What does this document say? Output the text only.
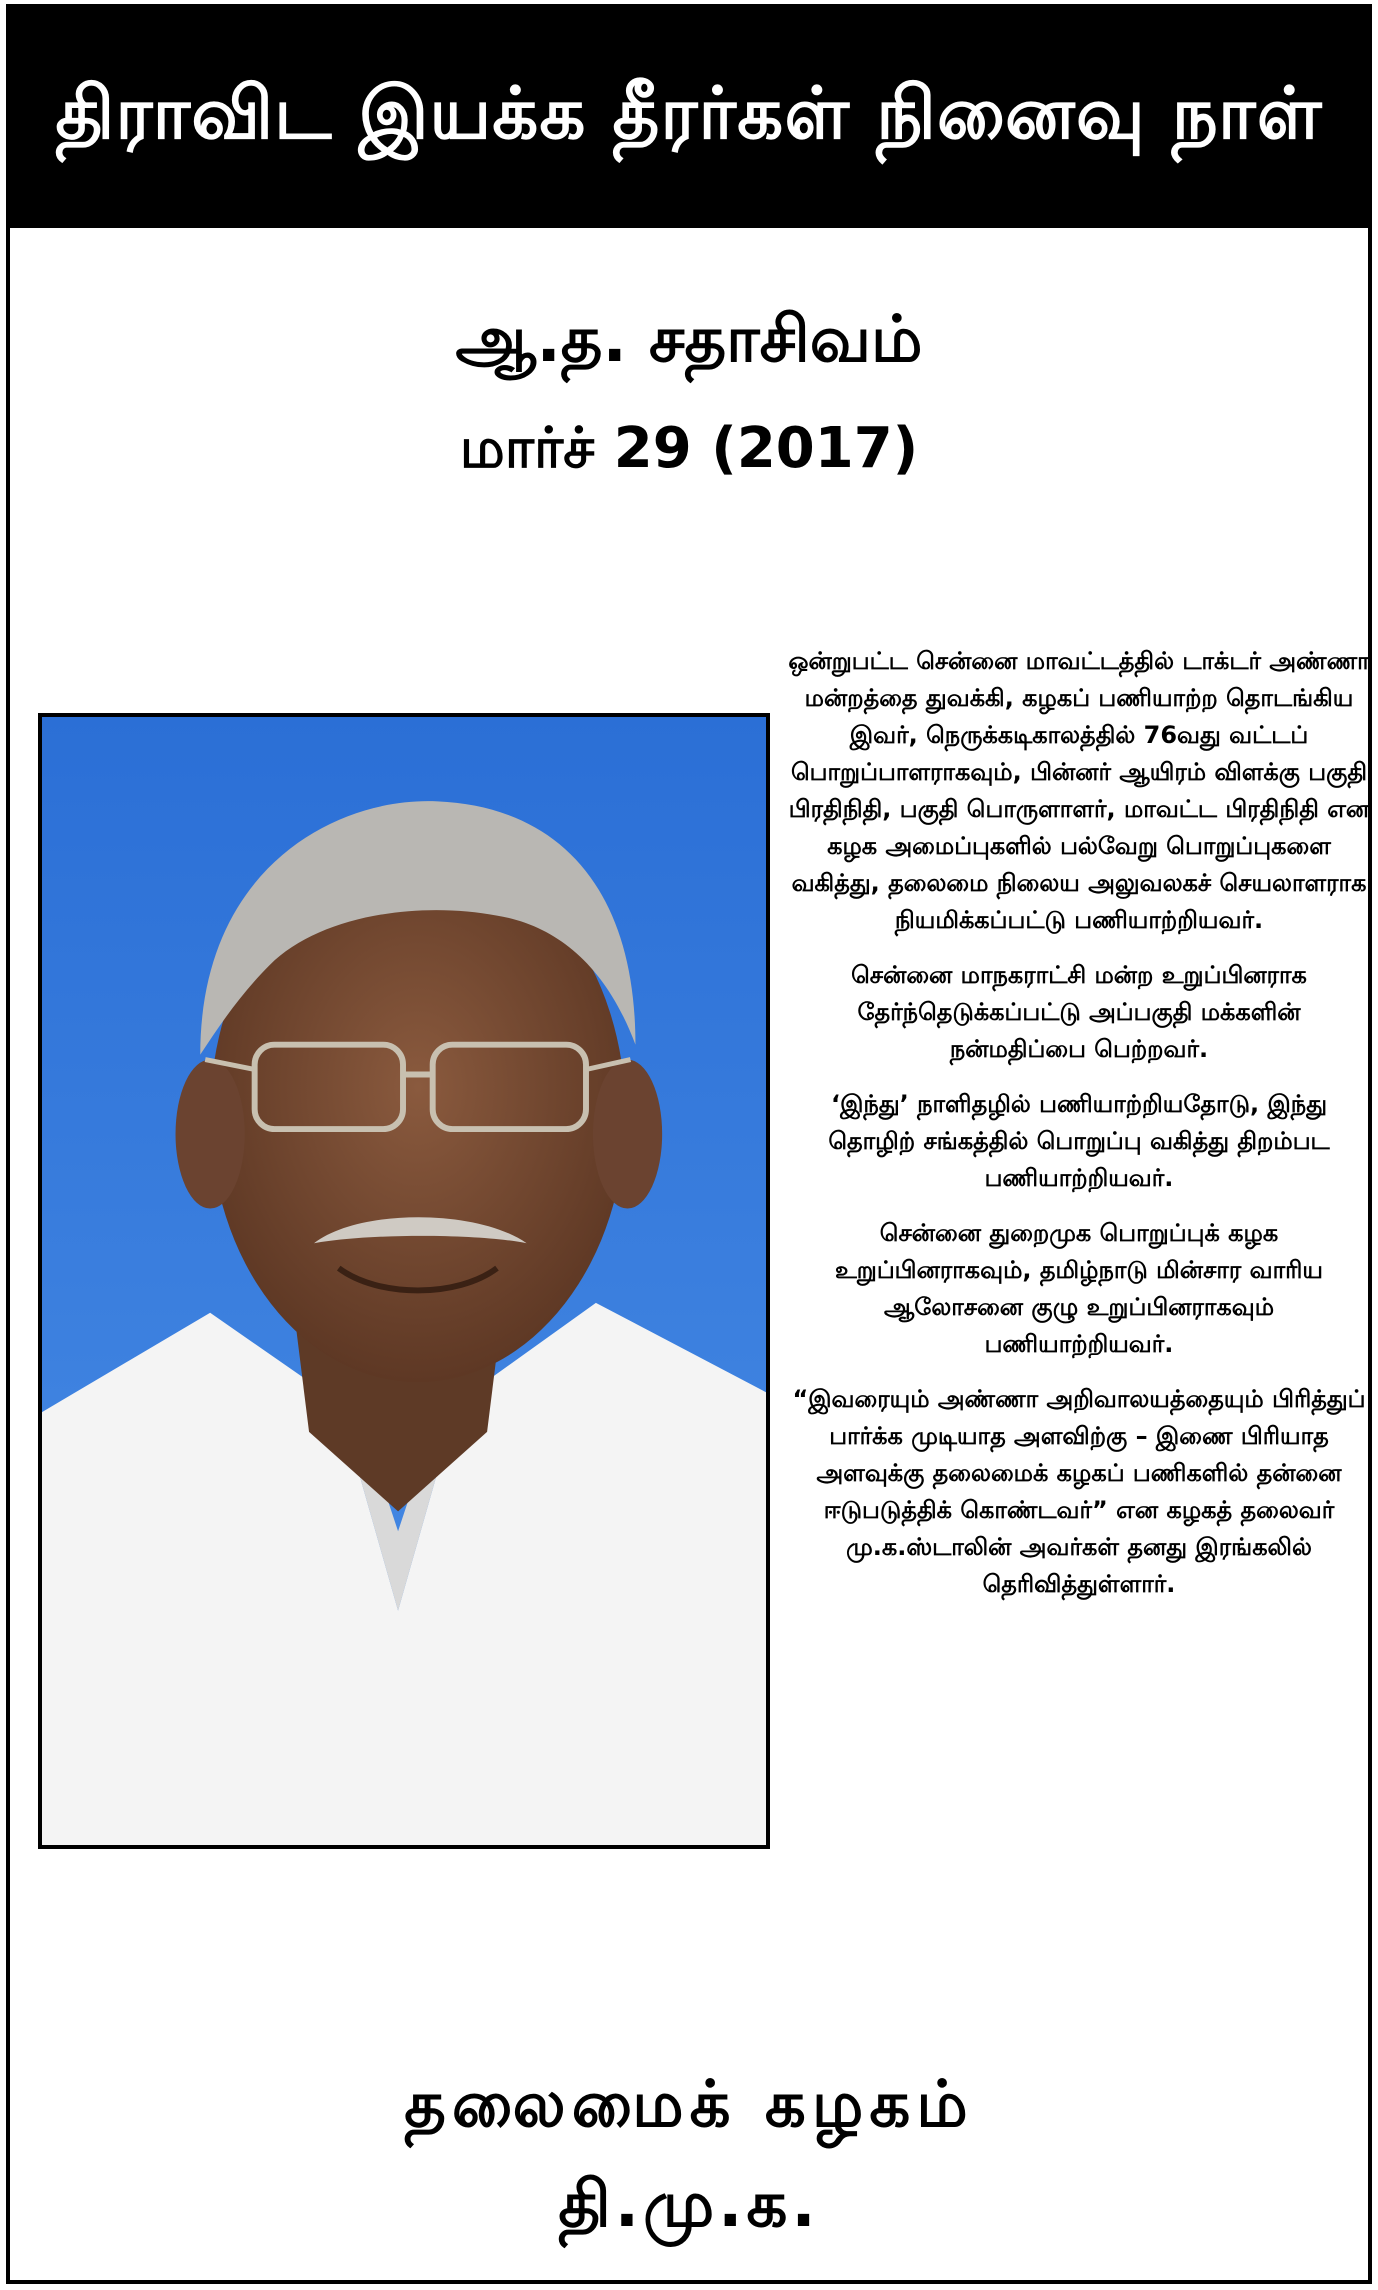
திராவிட இயக்க தீரர்கள் நினைவு நாள்
ஆ.த. சதாசிவம்
மார்ச் 29 (2017)

ஒன்றுபட்ட சென்னை மாவட்டத்தில் டாக்டர் அண்ணா மன்றத்தை துவக்கி, கழகப் பணியாற்ற தொடங்கிய இவர், நெருக்கடிகாலத்தில் 76வது வட்டப் பொறுப்பாளராகவும், பின்னர் ஆயிரம் விளக்கு பகுதி பிரதிநிதி, பகுதி பொருளாளர், மாவட்ட பிரதிநிதி என கழக அமைப்புகளில் பல்வேறு பொறுப்புகளை வகித்து, தலைமை நிலைய அலுவலகச் செயலாளராக நியமிக்கப்பட்டு பணியாற்றியவர்.

சென்னை மாநகராட்சி மன்ற உறுப்பினராக தேர்ந்தெடுக்கப்பட்டு அப்பகுதி மக்களின் நன்மதிப்பை பெற்றவர்.

‘இந்து’ நாளிதழில் பணியாற்றியதோடு, இந்து தொழிற் சங்கத்தில் பொறுப்பு வகித்து திறம்பட பணியாற்றியவர்.

சென்னை துறைமுக பொறுப்புக் கழக உறுப்பினராகவும், தமிழ்நாடு மின்சார வாரிய ஆலோசனை குழு உறுப்பினராகவும் பணியாற்றியவர்.

“இவரையும் அண்ணா அறிவாலயத்தையும் பிரித்துப் பார்க்க முடியாத அளவிற்கு – இணை பிரியாத அளவுக்கு தலைமைக் கழகப் பணிகளில் தன்னை ஈடுபடுத்திக் கொண்டவர்” என கழகத் தலைவர் மு.க.ஸ்டாலின் அவர்கள் தனது இரங்கலில் தெரிவித்துள்ளார்.

தலைமைக் கழகம்
தி.மு.க.
